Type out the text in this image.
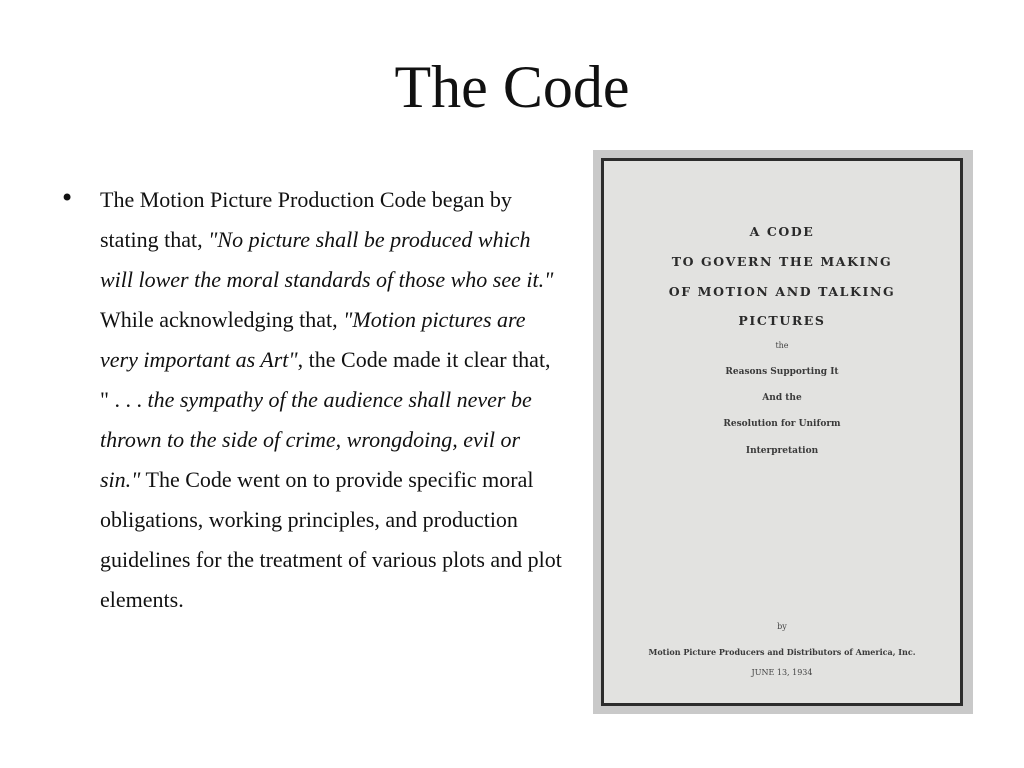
The Code
• The Motion Picture Production Code began by stating that, "No picture shall be produced which will lower the moral standards of those who see it." While acknowledging that, "Motion pictures are very important as Art", the Code made it clear that, " . . . the sympathy of the audience shall never be thrown to the side of crime, wrongdoing, evil or sin." The Code went on to provide specific moral obligations, working principles, and production guidelines for the treatment of various plots and plot elements.

A CODE
TO GOVERN THE MAKING
OF MOTION AND TALKING
PICTURES
the
Reasons Supporting It
And the
Resolution for Uniform
Interpretation
by
Motion Picture Producers and Distributors of America, Inc.
JUNE 13, 1934
